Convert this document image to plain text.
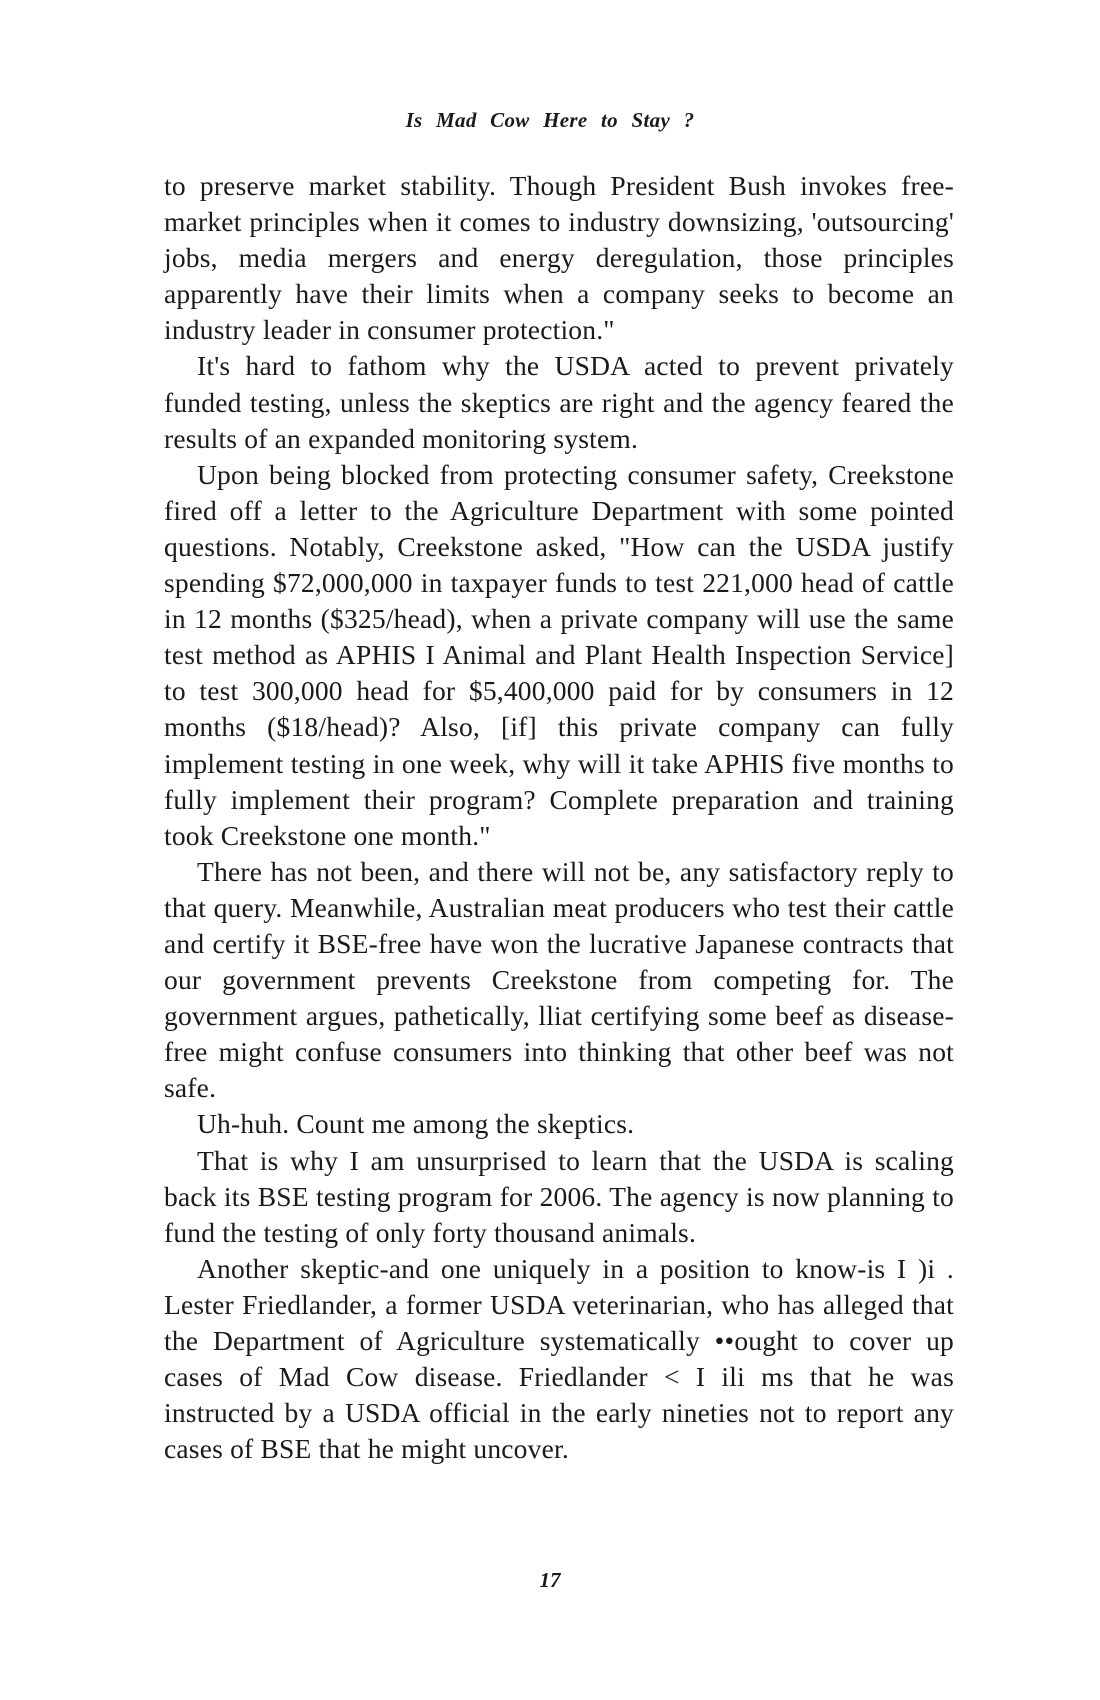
Is Mad Cow Here to Stay ?

to preserve market stability. Though President Bush invokes free-market principles when it comes to industry downsizing, 'outsourcing' jobs, media mergers and energy deregulation, those principles apparently have their limits when a company seeks to become an industry leader in consumer protection."

It's hard to fathom why the USDA acted to prevent privately funded testing, unless the skeptics are right and the agency feared the results of an expanded monitoring system.

Upon being blocked from protecting consumer safety, Creekstone fired off a letter to the Agriculture Department with some pointed questions. Notably, Creekstone asked, "How can the USDA justify spending $72,000,000 in taxpayer funds to test 221,000 head of cattle in 12 months ($325/head), when a private company will use the same test method as APHIS I Animal and Plant Health Inspection Service] to test 300,000 head for $5,400,000 paid for by consumers in 12 months ($18/head)? Also, [if] this private company can fully implement testing in one week, why will it take APHIS five months to fully implement their program? Complete preparation and training took Creekstone one month."

There has not been, and there will not be, any satisfactory reply to that query. Meanwhile, Australian meat producers who test their cattle and certify it BSE-free have won the lucrative Japanese contracts that our government prevents Creekstone from competing for. The government argues, pathetically, lliat certifying some beef as disease-free might confuse consumers into thinking that other beef was not safe.

Uh-huh. Count me among the skeptics.

That is why I am unsurprised to learn that the USDA is scaling back its BSE testing program for 2006. The agency is now planning to fund the testing of only forty thousand animals.

Another skeptic-and one uniquely in a position to know-is I )i . Lester Friedlander, a former USDA veterinarian, who has alleged that the Department of Agriculture systematically ••ought to cover up cases of Mad Cow disease. Friedlander < I ili ms that he was instructed by a USDA official in the early nineties not to report any cases of BSE that he might uncover.

17
